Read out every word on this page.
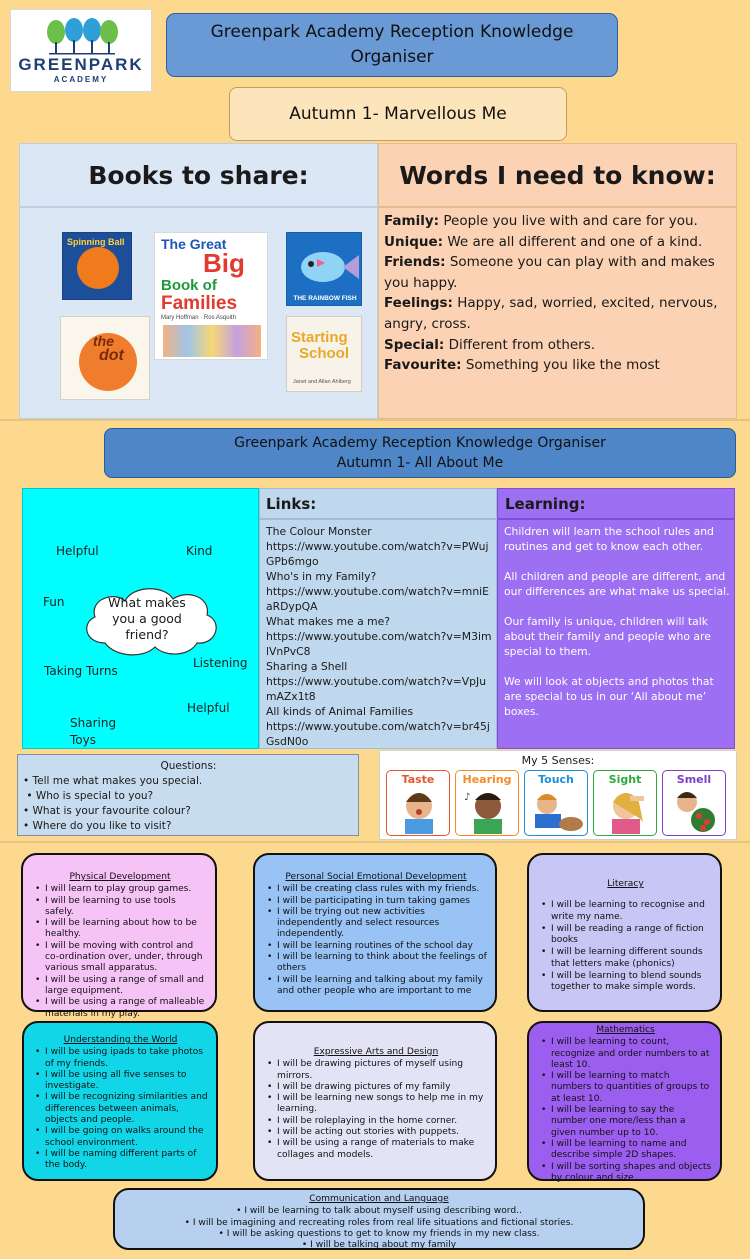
GREENPARK
ACADEMY
Greenpark Academy Reception Knowledge
Organiser
Autumn 1- Marvellous Me
Books to share:	Words I need to know:
Spinning Ball	The Great
Big
Book of
Families
Mary Hoffman · Ros Asquith
THE RAINBOW FISH
the
dot
Starting
School
Janet and Allan Ahlberg
Family: People you live with and care for you.
Unique: We are all different and one of a kind.
Friends: Someone you can play with and makes you happy.
Feelings: Happy, sad, worried, excited, nervous, angry, cross.
Special: Different from others.
Favourite: Something you like the most
Greenpark Academy Reception Knowledge Organiser
Autumn 1- All About Me
Helpful	Kind
Fun
Taking Turns
Listening
Helpful
Sharing
Toys
What makes
you a good
friend?
Links:	Learning:
The Colour Monster
https://www.youtube.com/watch?v=PWujGPb6mgo
Who's in my Family?
https://www.youtube.com/watch?v=mniEaRDypQA
What makes me a me?
https://www.youtube.com/watch?v=M3imlVnPvC8
Sharing a Shell
https://www.youtube.com/watch?v=VpJumAZx1t8
All kinds of Animal Families
https://www.youtube.com/watch?v=br45jGsdN0o

Children will learn the school rules and routines and get to know each other.

All children and people are different, and our differences are what make us special.

Our family is unique, children will talk about their family and people who are special to them.

We will look at objects and photos that are special to us in our ‘All about me’ boxes.

Questions:
• Tell me what makes you special.
• Who is special to you?
• What is your favourite colour?
• Where do you like to visit?
My 5 Senses:
Taste	Hearing
♪
Touch	Sight	Smell
Physical Development
• I will learn to play group games.
• I will be learning to use tools safely.
• I will be learning about how to be healthy.
• I will be moving with control and co-ordination over, under, through various small apparatus.
• I will be using a range of small and large equipment.
• I will be using a range of malleable materials in my play.
Personal Social Emotional Development
• I will be creating class rules with my friends.
• I will be participating in turn taking games
• I will be trying out new activities independently and select resources independently.
• I will be learning routines of the school day
• I will be learning to think about the feelings of others
• I will be learning and talking about my family and other people who are important to me
Literacy
• I will be learning to recognise and write my name.
• I will be reading a range of fiction books
• I will be learning different sounds that letters make (phonics)
• I will be learning to blend sounds together to make simple words.
Understanding the World
• I will be using ipads to take photos of my friends.
• I will be using all five senses to investigate.
• I will be recognizing similarities and differences between animals, objects and people.
• I will be going on walks around the school environment.
• I will be naming different parts of the body.
Expressive Arts and Design
• I will be drawing pictures of myself using mirrors.
• I will be drawing pictures of my family
• I will be learning new songs to help me in my learning.
• I will be roleplaying in the home corner.
• I will be acting out stories with puppets.
• I will be using a range of materials to make collages and models.
Mathematics
• I will be learning to count, recognize and order numbers to at least 10.
• I will be learning to match numbers to quantities of groups to at least 10.
• I will be learning to say the number one more/less than a given number up to 10.
• I will be learning to name and describe simple 2D shapes.
• I will be sorting shapes and objects by colour and size
Communication and Language
• I will be learning to talk about myself using describing word..
• I will be imagining and recreating roles from real life situations and fictional stories.
• I will be asking questions to get to know my friends in my new class.
• I will be talking about my family
